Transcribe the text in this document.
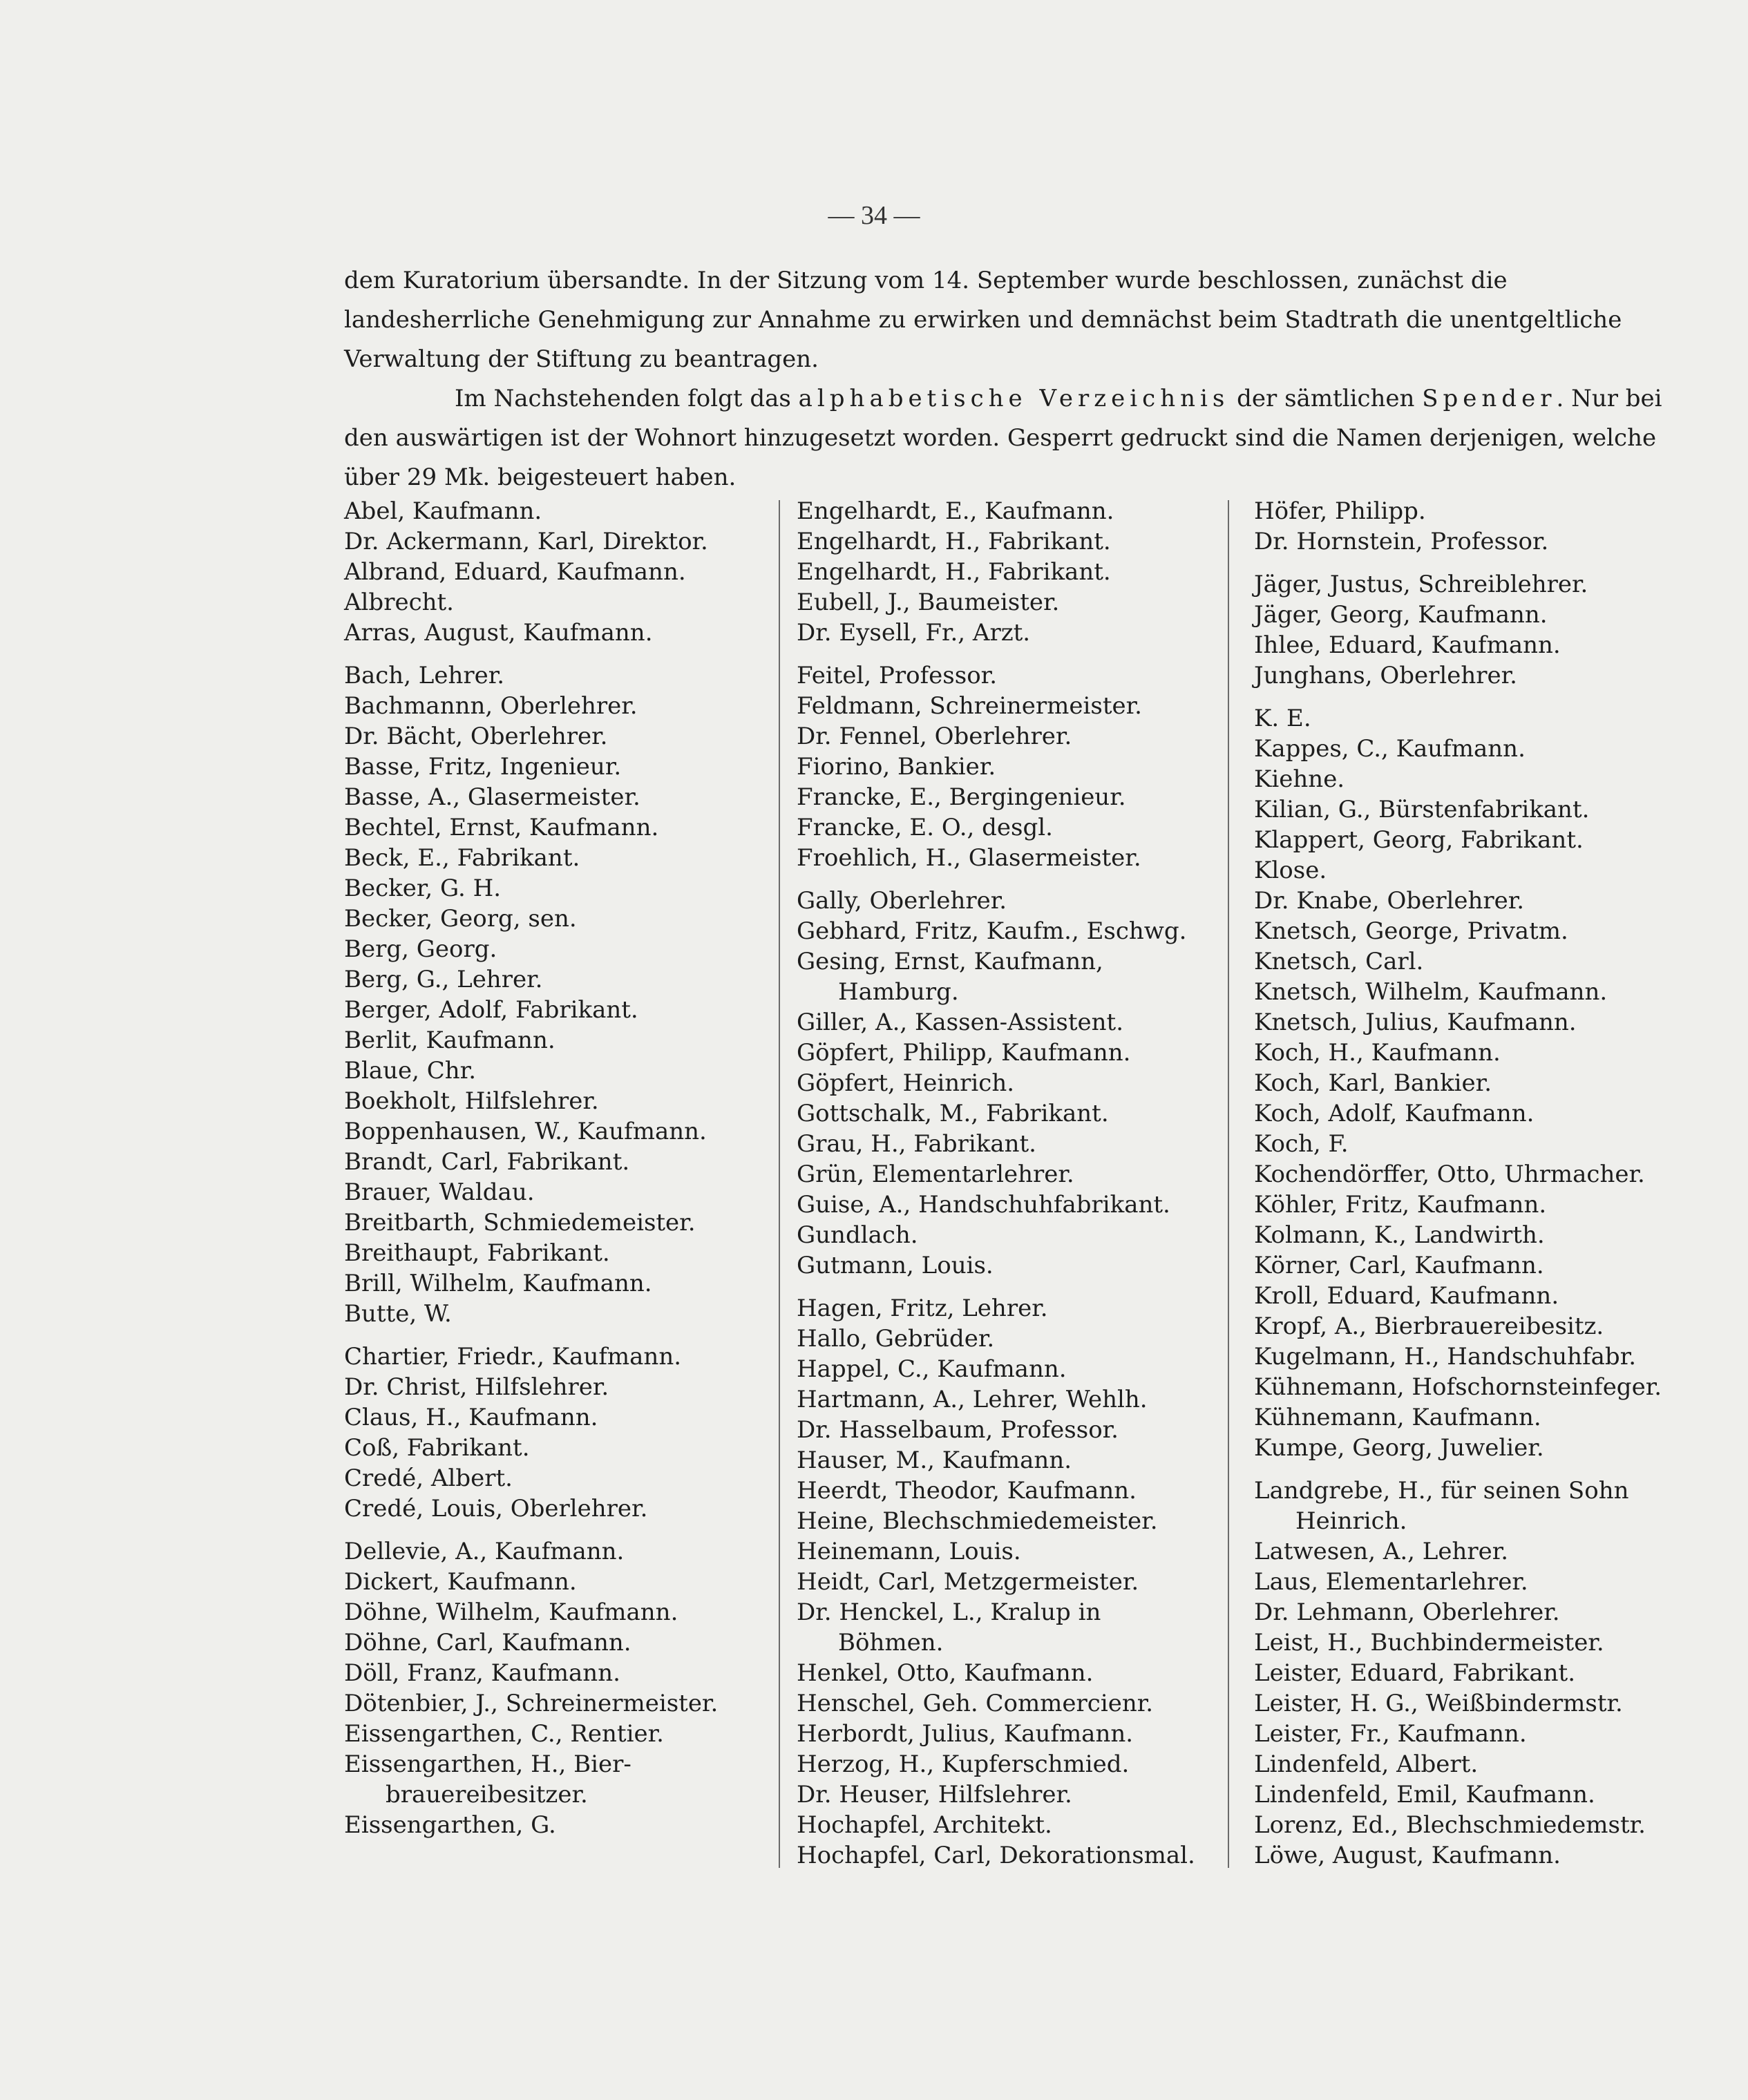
— 34 —

dem Kuratorium übersandte. In der Sitzung vom 14. September wurde beschlossen, zunächst die landesherrliche Genehmigung zur Annahme zu erwirken und demnächst beim Stadtrath die unentgeltliche Verwaltung der Stiftung zu beantragen.

Im Nachstehenden folgt das alphabetische Verzeichnis der sämtlichen Spender. Nur bei den auswärtigen ist der Wohnort hinzugesetzt worden. Gesperrt gedruckt sind die Namen derjenigen, welche über 29 Mk. beigesteuert haben.

Abel, Kaufmann.
Dr. Ackermann, Karl, Direktor.
Albrand, Eduard, Kaufmann.
Albrecht.
Arras, August, Kaufmann.
Bach, Lehrer.
Bachmannn, Oberlehrer.
Dr. Bächt, Oberlehrer.
Basse, Fritz, Ingenieur.
Basse, A., Glasermeister.
Bechtel, Ernst, Kaufmann.
Beck, E., Fabrikant.
Becker, G. H.
Becker, Georg, sen.
Berg, Georg.
Berg, G., Lehrer.
Berger, Adolf, Fabrikant.
Berlit, Kaufmann.
Blaue, Chr.
Boekholt, Hilfslehrer.
Boppenhausen, W., Kaufmann.
Brandt, Carl, Fabrikant.
Brauer, Waldau.
Breitbarth, Schmiedemeister.
Breithaupt, Fabrikant.
Brill, Wilhelm, Kaufmann.
Butte, W.
Chartier, Friedr., Kaufmann.
Dr. Christ, Hilfslehrer.
Claus, H., Kaufmann.
Coß, Fabrikant.
Credé, Albert.
Credé, Louis, Oberlehrer.
Dellevie, A., Kaufmann.
Dickert, Kaufmann.
Döhne, Wilhelm, Kaufmann.
Döhne, Carl, Kaufmann.
Döll, Franz, Kaufmann.
Dötenbier, J., Schreinermeister.
Eissengarthen, C., Rentier.
Eissengarthen, H., Bier-
brauereibesitzer.
Eissengarthen, G.
Engelhardt, E., Kaufmann.
Engelhardt, H., Fabrikant.
Engelhardt, H., Fabrikant.
Eubell, J., Baumeister.
Dr. Eysell, Fr., Arzt.
Feitel, Professor.
Feldmann, Schreinermeister.
Dr. Fennel, Oberlehrer.
Fiorino, Bankier.
Francke, E., Bergingenieur.
Francke, E. O., desgl.
Froehlich, H., Glasermeister.
Gally, Oberlehrer.
Gebhard, Fritz, Kaufm., Eschwg.
Gesing, Ernst, Kaufmann,
Hamburg.
Giller, A., Kassen-Assistent.
Göpfert, Philipp, Kaufmann.
Göpfert, Heinrich.
Gottschalk, M., Fabrikant.
Grau, H., Fabrikant.
Grün, Elementarlehrer.
Guise, A., Handschuhfabrikant.
Gundlach.
Gutmann, Louis.
Hagen, Fritz, Lehrer.
Hallo, Gebrüder.
Happel, C., Kaufmann.
Hartmann, A., Lehrer, Wehlh.
Dr. Hasselbaum, Professor.
Hauser, M., Kaufmann.
Heerdt, Theodor, Kaufmann.
Heine, Blechschmiedemeister.
Heinemann, Louis.
Heidt, Carl, Metzgermeister.
Dr. Henckel, L., Kralup in
Böhmen.
Henkel, Otto, Kaufmann.
Henschel, Geh. Commercienr.
Herbordt, Julius, Kaufmann.
Herzog, H., Kupferschmied.
Dr. Heuser, Hilfslehrer.
Hochapfel, Architekt.
Hochapfel, Carl, Dekorationsmal.
Höfer, Philipp.
Dr. Hornstein, Professor.
Jäger, Justus, Schreiblehrer.
Jäger, Georg, Kaufmann.
Ihlee, Eduard, Kaufmann.
Junghans, Oberlehrer.
K. E.
Kappes, C., Kaufmann.
Kiehne.
Kilian, G., Bürstenfabrikant.
Klappert, Georg, Fabrikant.
Klose.
Dr. Knabe, Oberlehrer.
Knetsch, George, Privatm.
Knetsch, Carl.
Knetsch, Wilhelm, Kaufmann.
Knetsch, Julius, Kaufmann.
Koch, H., Kaufmann.
Koch, Karl, Bankier.
Koch, Adolf, Kaufmann.
Koch, F.
Kochendörffer, Otto, Uhrmacher.
Köhler, Fritz, Kaufmann.
Kolmann, K., Landwirth.
Körner, Carl, Kaufmann.
Kroll, Eduard, Kaufmann.
Kropf, A., Bierbrauereibesitz.
Kugelmann, H., Handschuhfabr.
Kühnemann, Hofschornsteinfeger.
Kühnemann, Kaufmann.
Kumpe, Georg, Juwelier.
Landgrebe, H., für seinen Sohn
Heinrich.
Latwesen, A., Lehrer.
Laus, Elementarlehrer.
Dr. Lehmann, Oberlehrer.
Leist, H., Buchbindermeister.
Leister, Eduard, Fabrikant.
Leister, H. G., Weißbindermstr.
Leister, Fr., Kaufmann.
Lindenfeld, Albert.
Lindenfeld, Emil, Kaufmann.
Lorenz, Ed., Blechschmiedemstr.
Löwe, August, Kaufmann.
